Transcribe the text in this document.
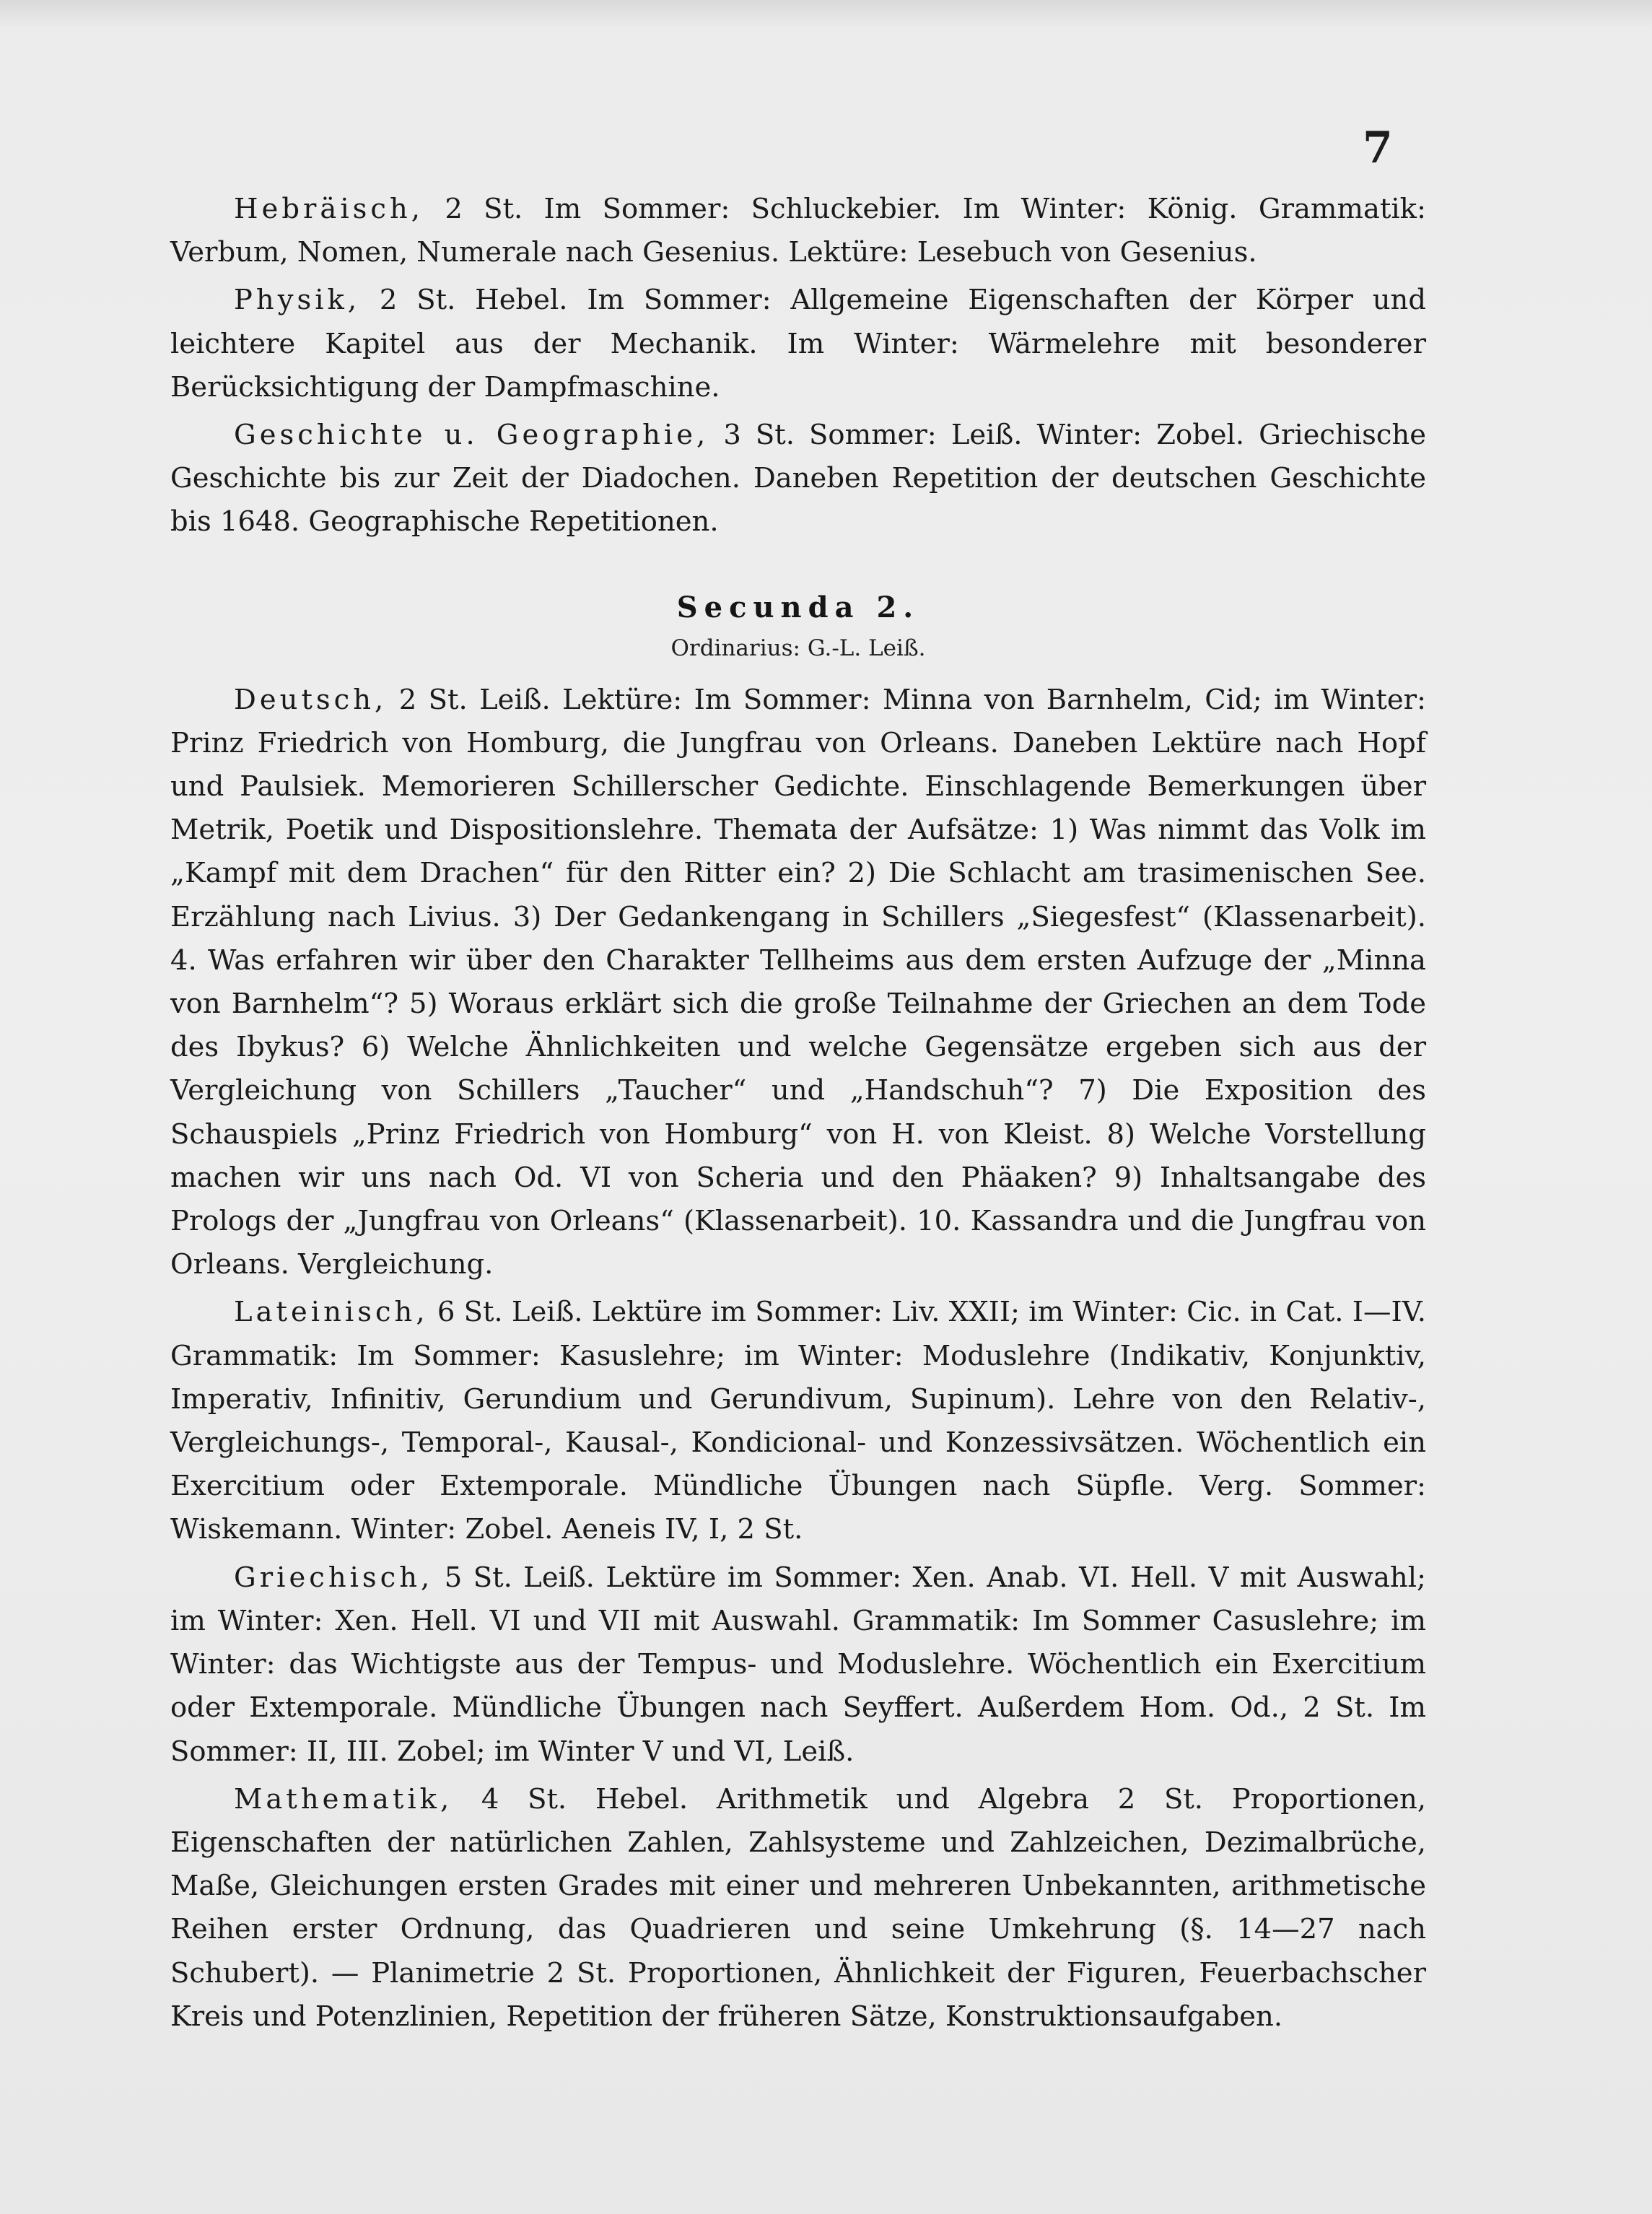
7

Hebräisch, 2 St. Im Sommer: Schluckebier. Im Winter: König. Grammatik: Verbum, Nomen, Numerale nach Gesenius. Lektüre: Lesebuch von Gesenius.

Physik, 2 St. Hebel. Im Sommer: Allgemeine Eigenschaften der Körper und leichtere Kapitel aus der Mechanik. Im Winter: Wärmelehre mit besonderer Berücksichtigung der Dampfmaschine.

Geschichte u. Geographie, 3 St. Sommer: Leiß. Winter: Zobel. Griechische Geschichte bis zur Zeit der Diadochen. Daneben Repetition der deutschen Geschichte bis 1648. Geographische Repetitionen.

Secunda 2.
Ordinarius: G.-L. Leiß.

Deutsch, 2 St. Leiß. Lektüre: Im Sommer: Minna von Barnhelm, Cid; im Winter: Prinz Friedrich von Homburg, die Jungfrau von Orleans. Daneben Lektüre nach Hopf und Paulsiek. Memorieren Schillerscher Gedichte. Einschlagende Bemerkungen über Metrik, Poetik und Dispositionslehre. Themata der Aufsätze: 1) Was nimmt das Volk im „Kampf mit dem Drachen“ für den Ritter ein? 2) Die Schlacht am trasimenischen See. Erzählung nach Livius. 3) Der Gedankengang in Schillers „Siegesfest“ (Klassenarbeit). 4. Was erfahren wir über den Charakter Tellheims aus dem ersten Aufzuge der „Minna von Barnhelm“? 5) Woraus erklärt sich die große Teilnahme der Griechen an dem Tode des Ibykus? 6) Welche Ähnlichkeiten und welche Gegensätze ergeben sich aus der Vergleichung von Schillers „Taucher“ und „Handschuh“? 7) Die Exposition des Schauspiels „Prinz Friedrich von Homburg“ von H. von Kleist. 8) Welche Vorstellung machen wir uns nach Od. VI von Scheria und den Phäaken? 9) Inhaltsangabe des Prologs der „Jungfrau von Orleans“ (Klassenarbeit). 10. Kassandra und die Jungfrau von Orleans. Vergleichung.

Lateinisch, 6 St. Leiß. Lektüre im Sommer: Liv. XXII; im Winter: Cic. in Cat. I—IV. Grammatik: Im Sommer: Kasuslehre; im Winter: Moduslehre (Indikativ, Konjunktiv, Imperativ, Infinitiv, Gerundium und Gerundivum, Supinum). Lehre von den Relativ-, Vergleichungs-, Temporal-, Kausal-, Kondicional- und Konzessivsätzen. Wöchentlich ein Exercitium oder Extemporale. Mündliche Übungen nach Süpfle. Verg. Sommer: Wiskemann. Winter: Zobel. Aeneis IV, I, 2 St.

Griechisch, 5 St. Leiß. Lektüre im Sommer: Xen. Anab. VI. Hell. V mit Auswahl; im Winter: Xen. Hell. VI und VII mit Auswahl. Grammatik: Im Sommer Casuslehre; im Winter: das Wichtigste aus der Tempus- und Moduslehre. Wöchentlich ein Exercitium oder Extemporale. Mündliche Übungen nach Seyffert. Außerdem Hom. Od., 2 St. Im Sommer: II, III. Zobel; im Winter V und VI, Leiß.

Mathematik, 4 St. Hebel. Arithmetik und Algebra 2 St. Proportionen, Eigenschaften der natürlichen Zahlen, Zahlsysteme und Zahlzeichen, Dezimalbrüche, Maße, Gleichungen ersten Grades mit einer und mehreren Unbekannten, arithmetische Reihen erster Ordnung, das Quadrieren und seine Umkehrung (§. 14—27 nach Schubert). — Planimetrie 2 St. Proportionen, Ähnlichkeit der Figuren, Feuerbachscher Kreis und Potenzlinien, Repetition der früheren Sätze, Konstruktionsaufgaben.
